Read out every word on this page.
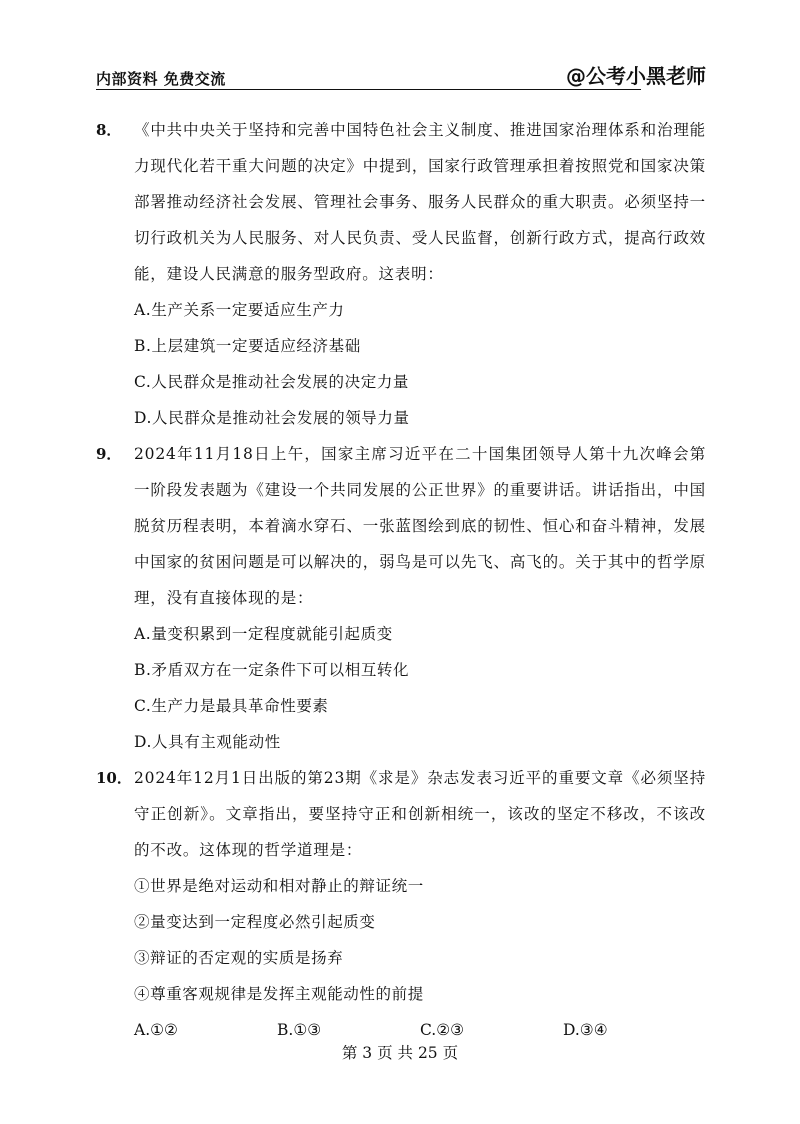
内部资料 免费交流	@公考小黑老师
8． 《中共中央关于坚持和完善中国特色社会主义制度、推进国家治理体系和治理能力现代化若干重大问题的决定》中提到，国家行政管理承担着按照党和国家决策部署推动经济社会发展、管理社会事务、服务人民群众的重大职责。必须坚持一切行政机关为人民服务、对人民负责、受人民监督，创新行政方式，提高行政效能，建设人民满意的服务型政府。这表明：
A.生产关系一定要适应生产力
B.上层建筑一定要适应经济基础
C.人民群众是推动社会发展的决定力量
D.人民群众是推动社会发展的领导力量
9． 2024年11月18日上午，国家主席习近平在二十国集团领导人第十九次峰会第一阶段发表题为《建设一个共同发展的公正世界》的重要讲话。讲话指出，中国脱贫历程表明，本着滴水穿石、一张蓝图绘到底的韧性、恒心和奋斗精神，发展中国家的贫困问题是可以解决的，弱鸟是可以先飞、高飞的。关于其中的哲学原理，没有直接体现的是：
A.量变积累到一定程度就能引起质变
B.矛盾双方在一定条件下可以相互转化
C.生产力是最具革命性要素
D.人具有主观能动性
10． 2024年12月1日出版的第23期《求是》杂志发表习近平的重要文章《必须坚持守正创新》。文章指出，要坚持守正和创新相统一，该改的坚定不移改，不该改的不改。这体现的哲学道理是：
①世界是绝对运动和相对静止的辩证统一
②量变达到一定程度必然引起质变
③辩证的否定观的实质是扬弃
④尊重客观规律是发挥主观能动性的前提
A.①②	B.①③	C.②③	D.③④
第 3 页 共 25 页
